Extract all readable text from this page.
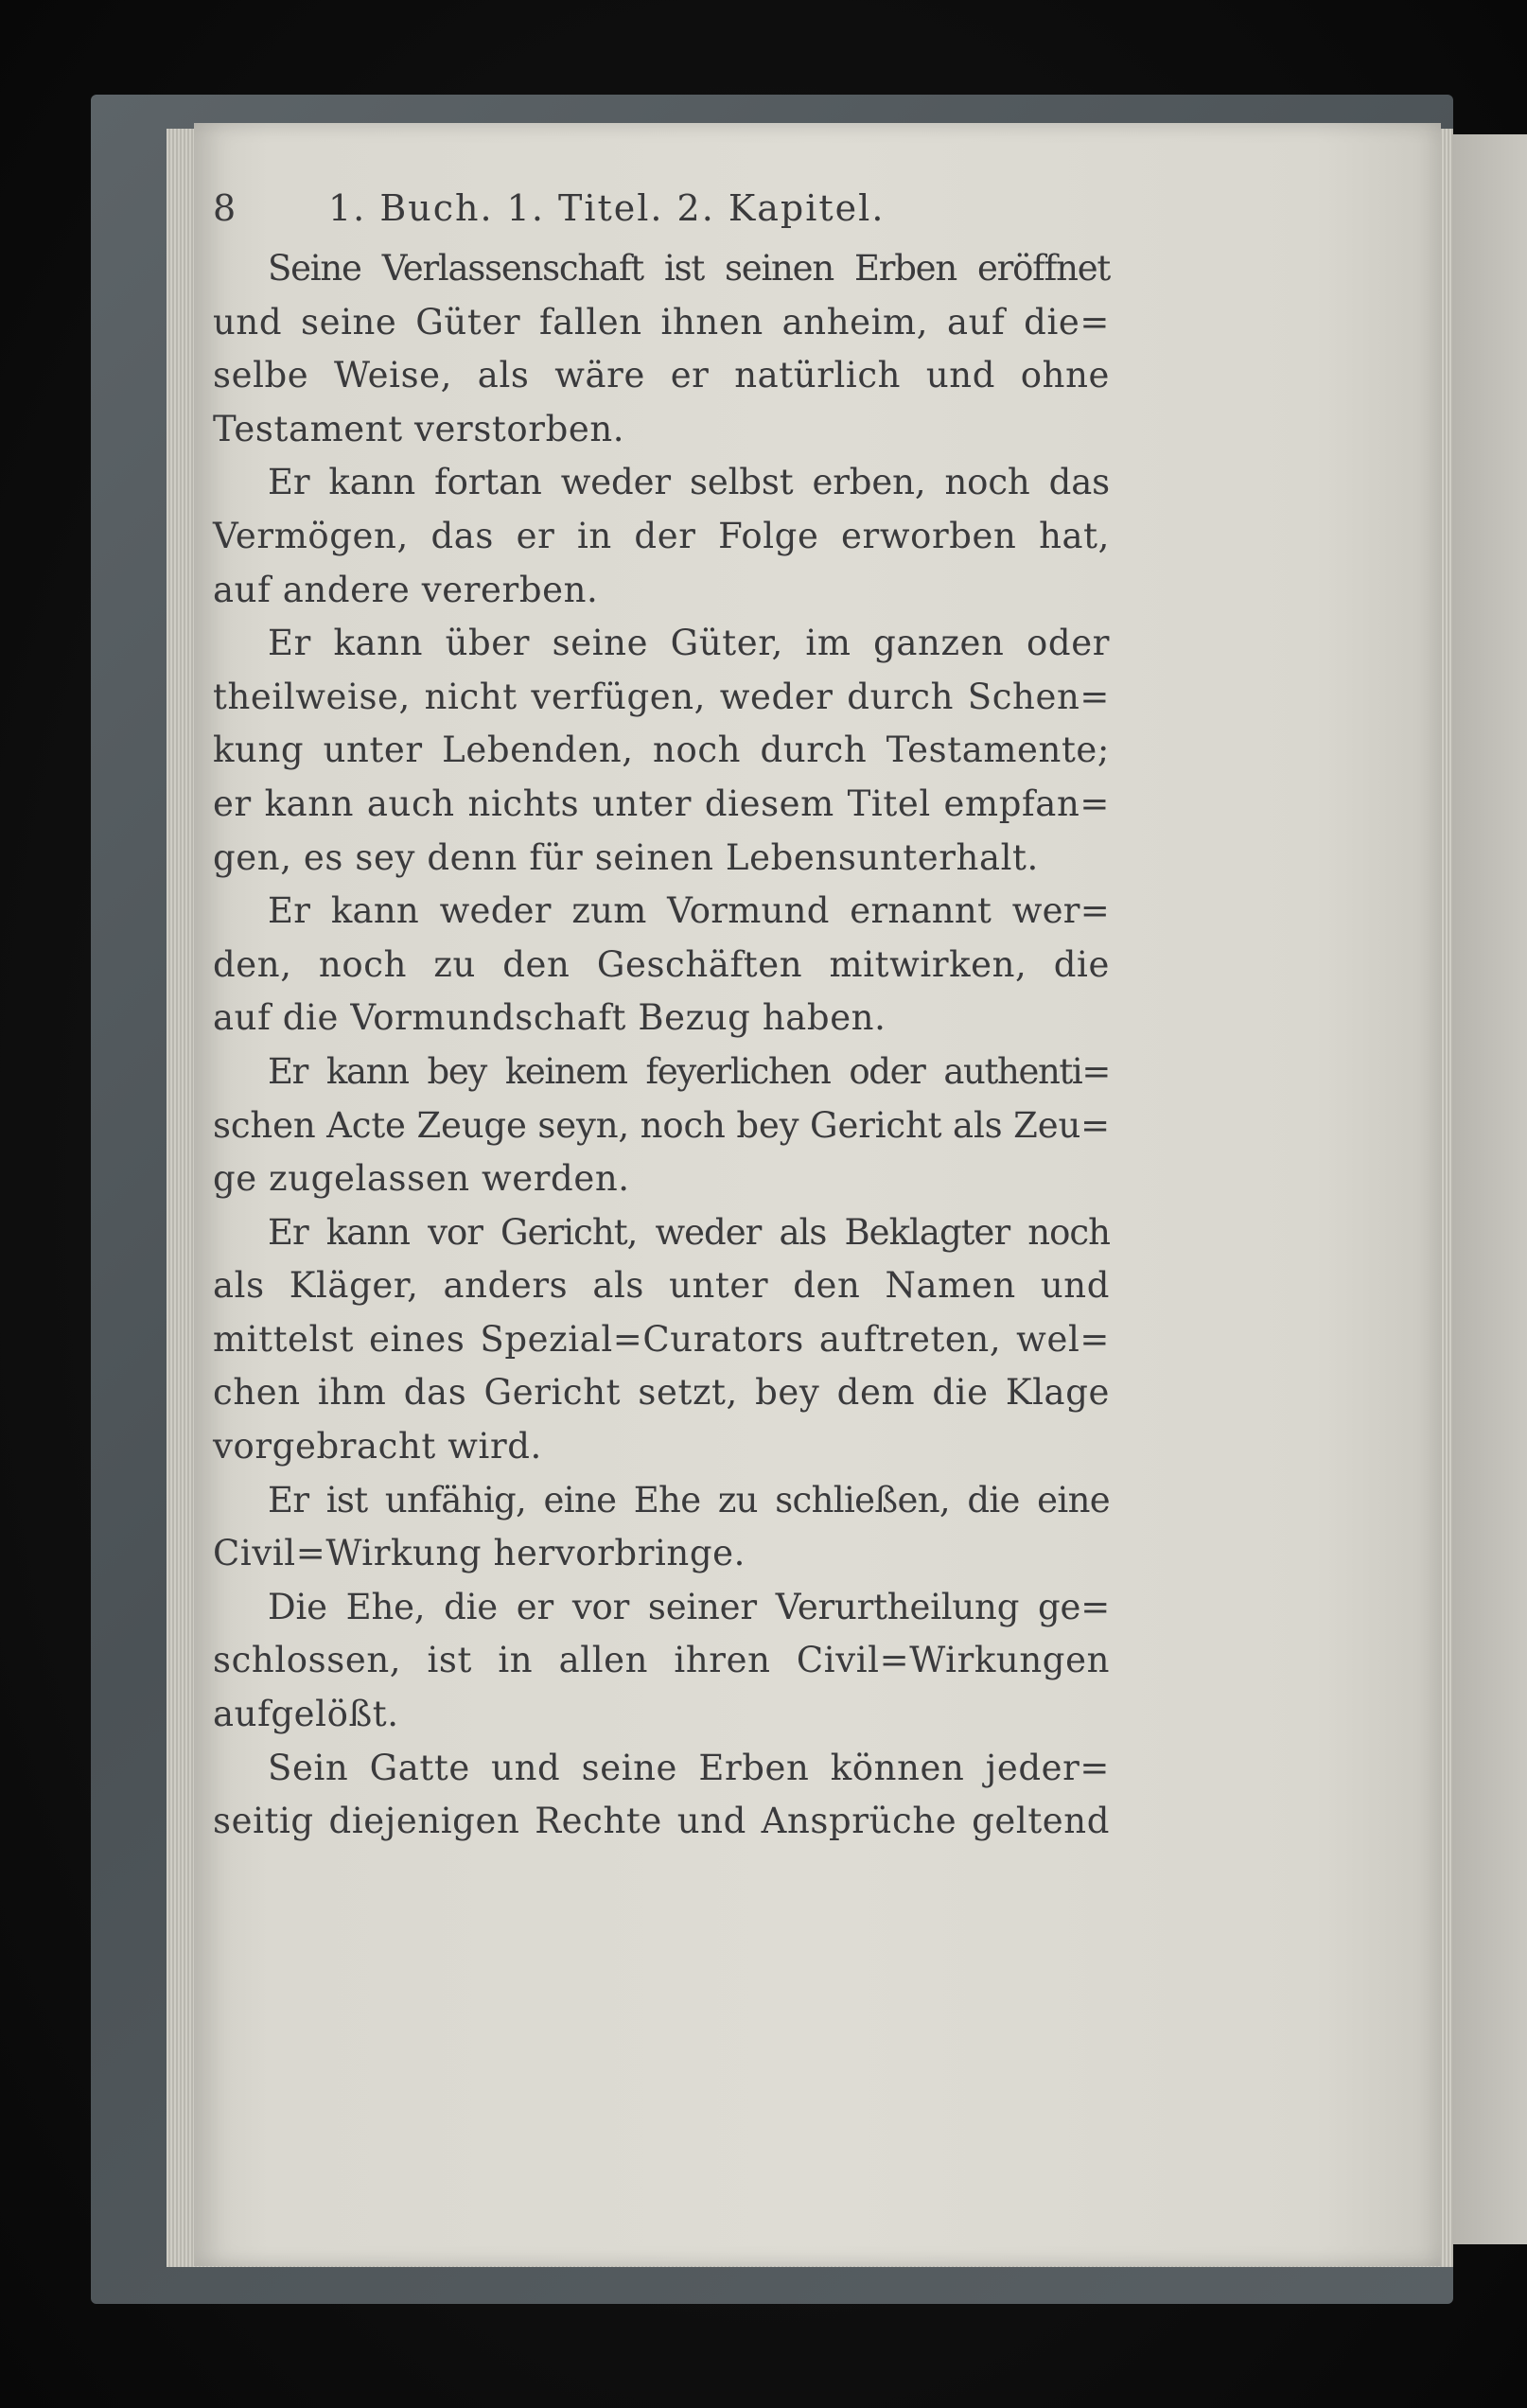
8	1. Buch. 1. Titel. 2. Kapitel.

Seine Verlassenschaft ist seinen Erben eröffnet
und seine Güter fallen ihnen anheim, auf die=
selbe Weise, als wäre er natürlich und ohne
Testament verstorben.

Er kann fortan weder selbst erben, noch das
Vermögen, das er in der Folge erworben hat,
auf andere vererben.

Er kann über seine Güter, im ganzen oder
theilweise, nicht verfügen, weder durch Schen=
kung unter Lebenden, noch durch Testamente;
er kann auch nichts unter diesem Titel empfan=
gen, es sey denn für seinen Lebensunterhalt.

Er kann weder zum Vormund ernannt wer=
den, noch zu den Geschäften mitwirken, die
auf die Vormundschaft Bezug haben.

Er kann bey keinem feyerlichen oder authenti=
schen Acte Zeuge seyn, noch bey Gericht als Zeu=
ge zugelassen werden.

Er kann vor Gericht, weder als Beklagter noch
als Kläger, anders als unter den Namen und
mittelst eines Spezial=Curators auftreten, wel=
chen ihm das Gericht setzt, bey dem die Klage
vorgebracht wird.

Er ist unfähig, eine Ehe zu schließen, die eine
Civil=Wirkung hervorbringe.

Die Ehe, die er vor seiner Verurtheilung ge=
schlossen, ist in allen ihren Civil=Wirkungen
aufgelößt.

Sein Gatte und seine Erben können jeder=
seitig diejenigen Rechte und Ansprüche geltend
